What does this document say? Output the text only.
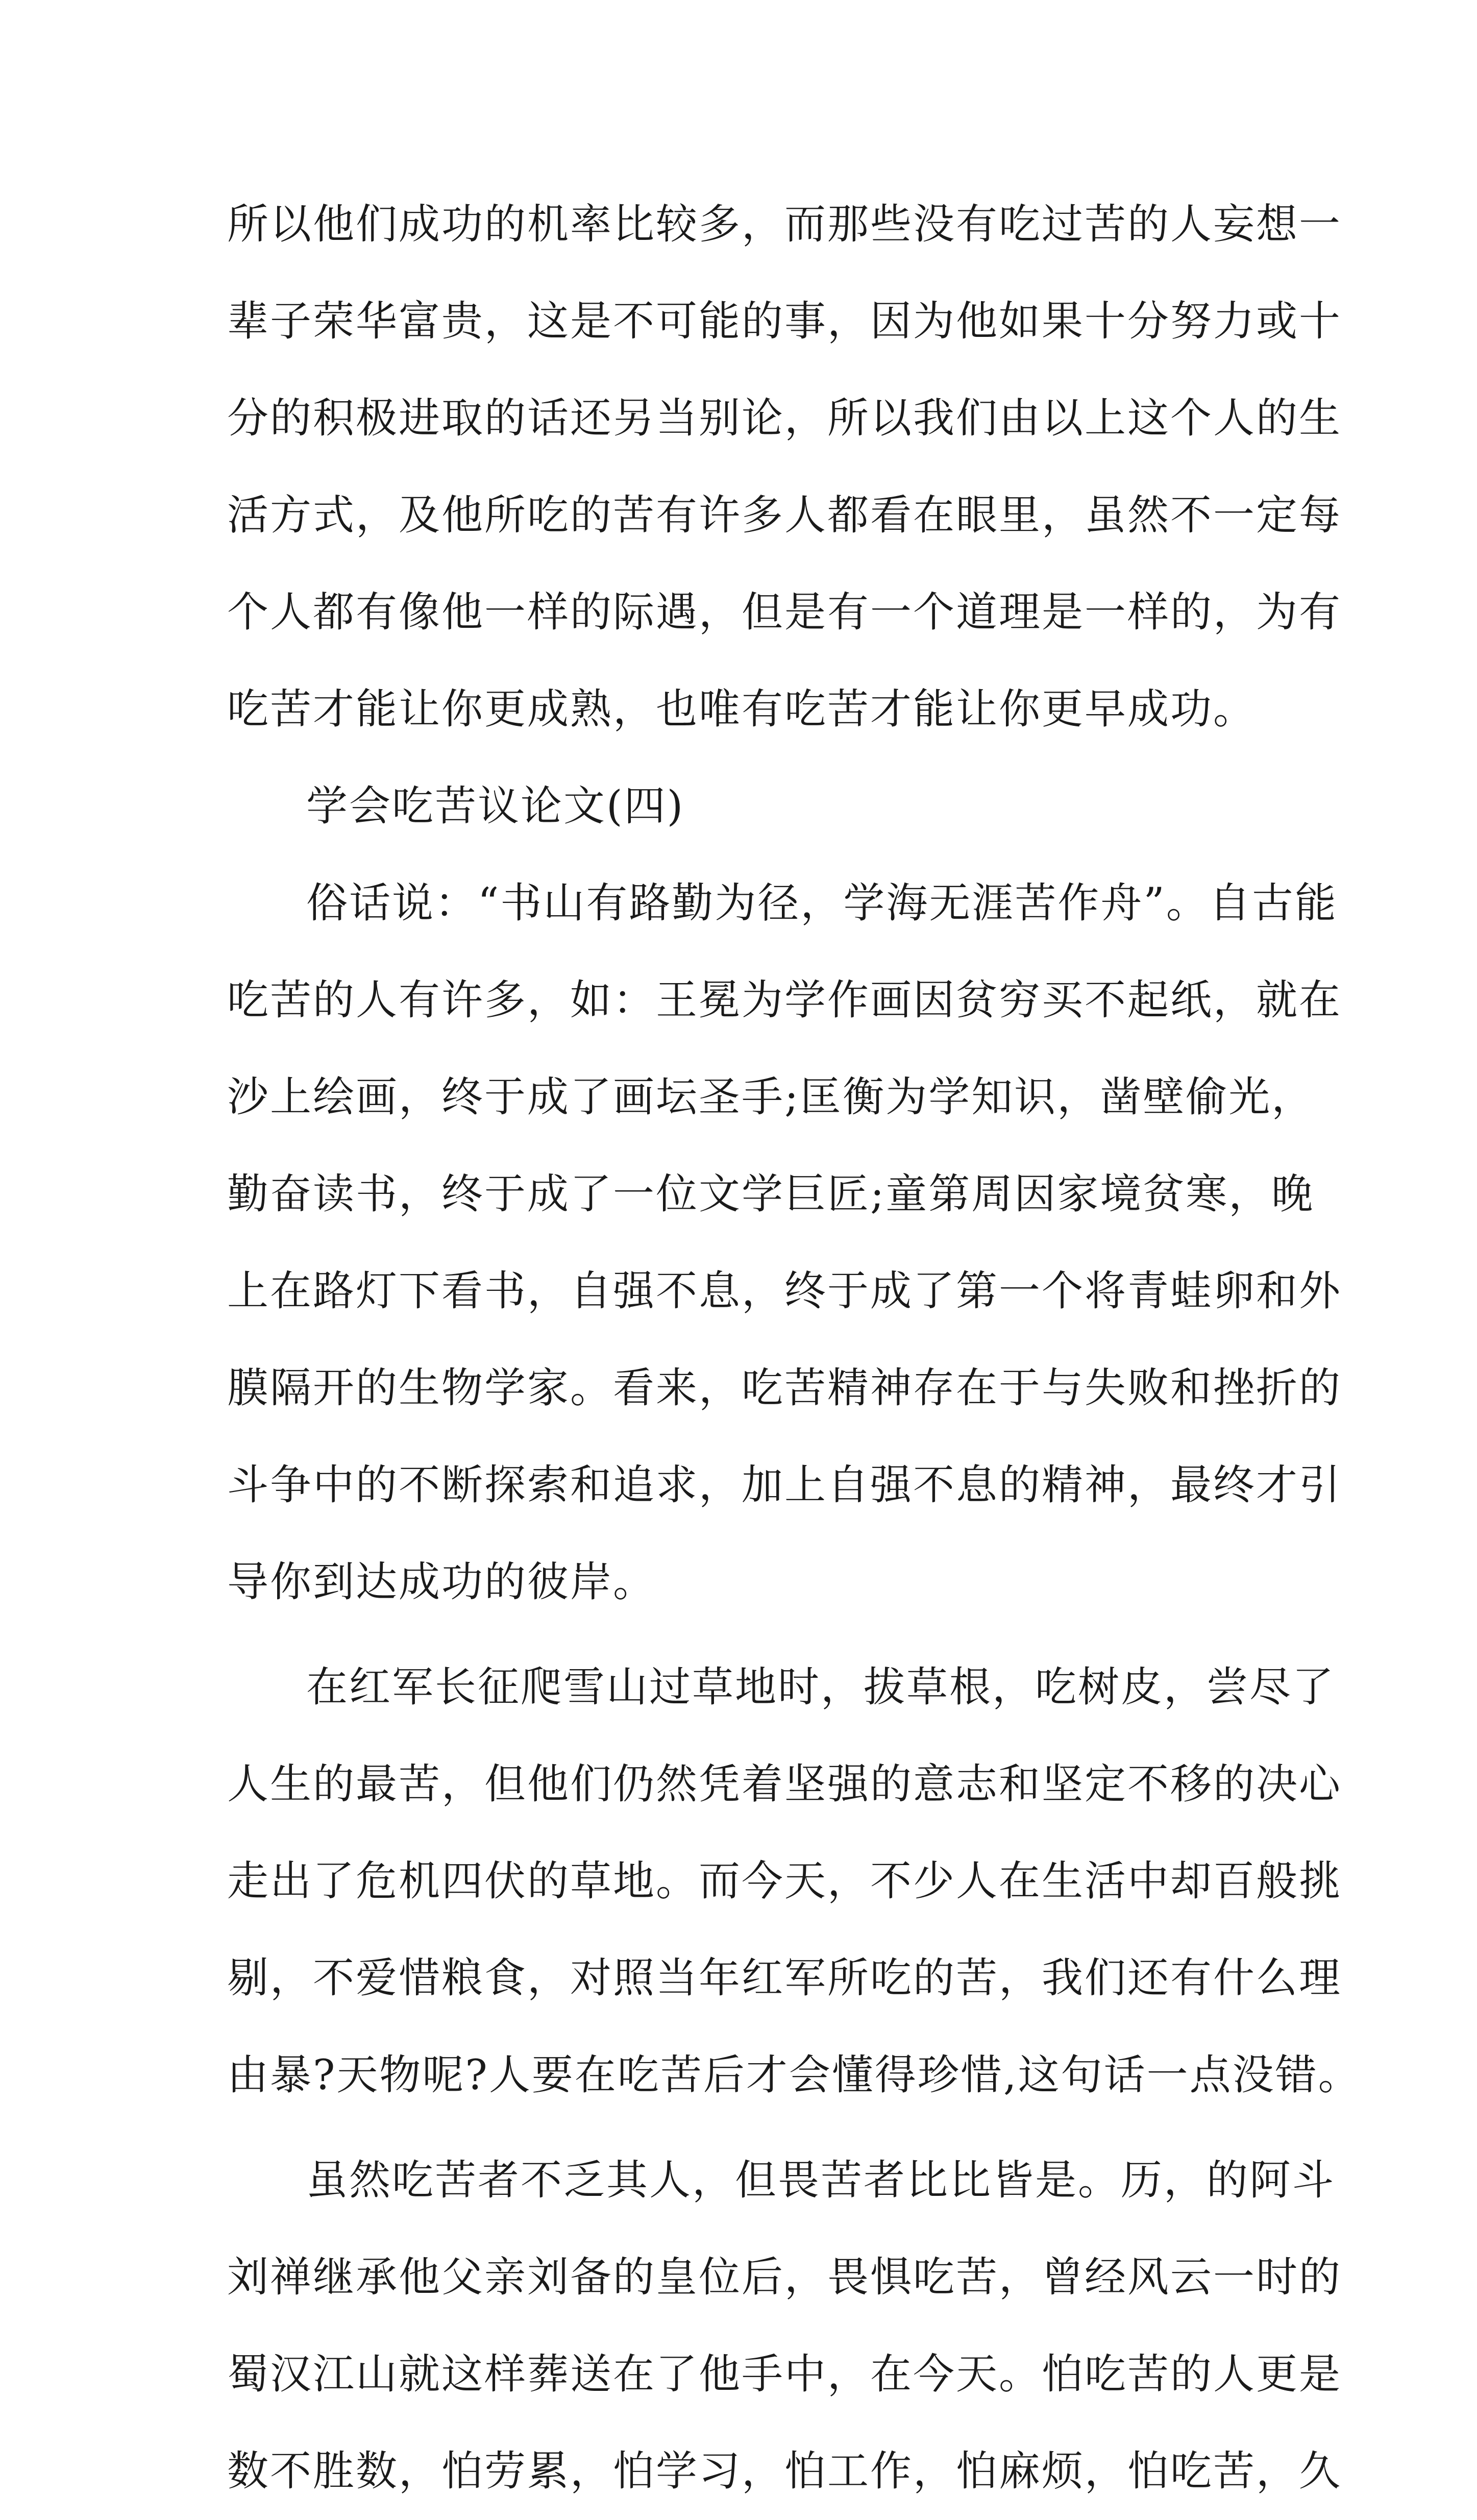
所以他们成功的机率比较多，而那些没有吃过苦的人妄想一
辈子荣华富贵，这是不可能的事，因为他如果十分努力或十
分的积极进取的话还另当别论，所以我们由以上这个人的生
活方式，及他所吃的苦有许多人都看在眼里，虽然不一定每
个人都有像他一样的际遇，但是有一个道理是一样的，为有
吃苦才能让你更成熟，也唯有吃苦才能让你更早成功。
学会吃苦议论文(四)
俗话说：“书山有路勤为径，学海无涯苦作舟”。自古能
吃苦的人有许多，如：王冕为学作画因贫穷买不起纸，就在
沙上绘画，终于成了画坛圣手;匡衡为学知识，凿壁偷光，
勤奋读书，终于成了一位文学巨匠;童第周因家境贫寒，晚
上在路灯下看书，自强不息，终于成了第一个将青蛙卵和外
膜隔开的生物学家。看来，吃苦精神存在于与失败和挫折的
斗争中的不断探索和追求，加上自强不息的精神，最终才引
导你到达成功的彼岸。
在红军长征爬雪山过草地时，拔草根，吃树皮，尝尽了
人生的最苦，但他们仍然凭着坚强的意志和坚定不移的决心
走出了危机四伏的草地。而今天，不少人在生活中却百般挑
剔，不爱惜粮食，对照当年红军所吃的苦，我们还有什么理
由暴?天物呢?人要在吃苦后才会懂得珍惜,这句话一点没错。
虽然吃苦者不乏其人，但畏苦者比比皆是。历，的阿斗
刘禅继承他父亲刘备的皇位后，畏惧吃苦，曾经风云一时的
蜀汉江山就这样葬送在了他手中，在今天。怕吃苦的人更是
数不胜数，怕劳累，怕学习，怕工作，怕麻烦，怕吃苦，久
